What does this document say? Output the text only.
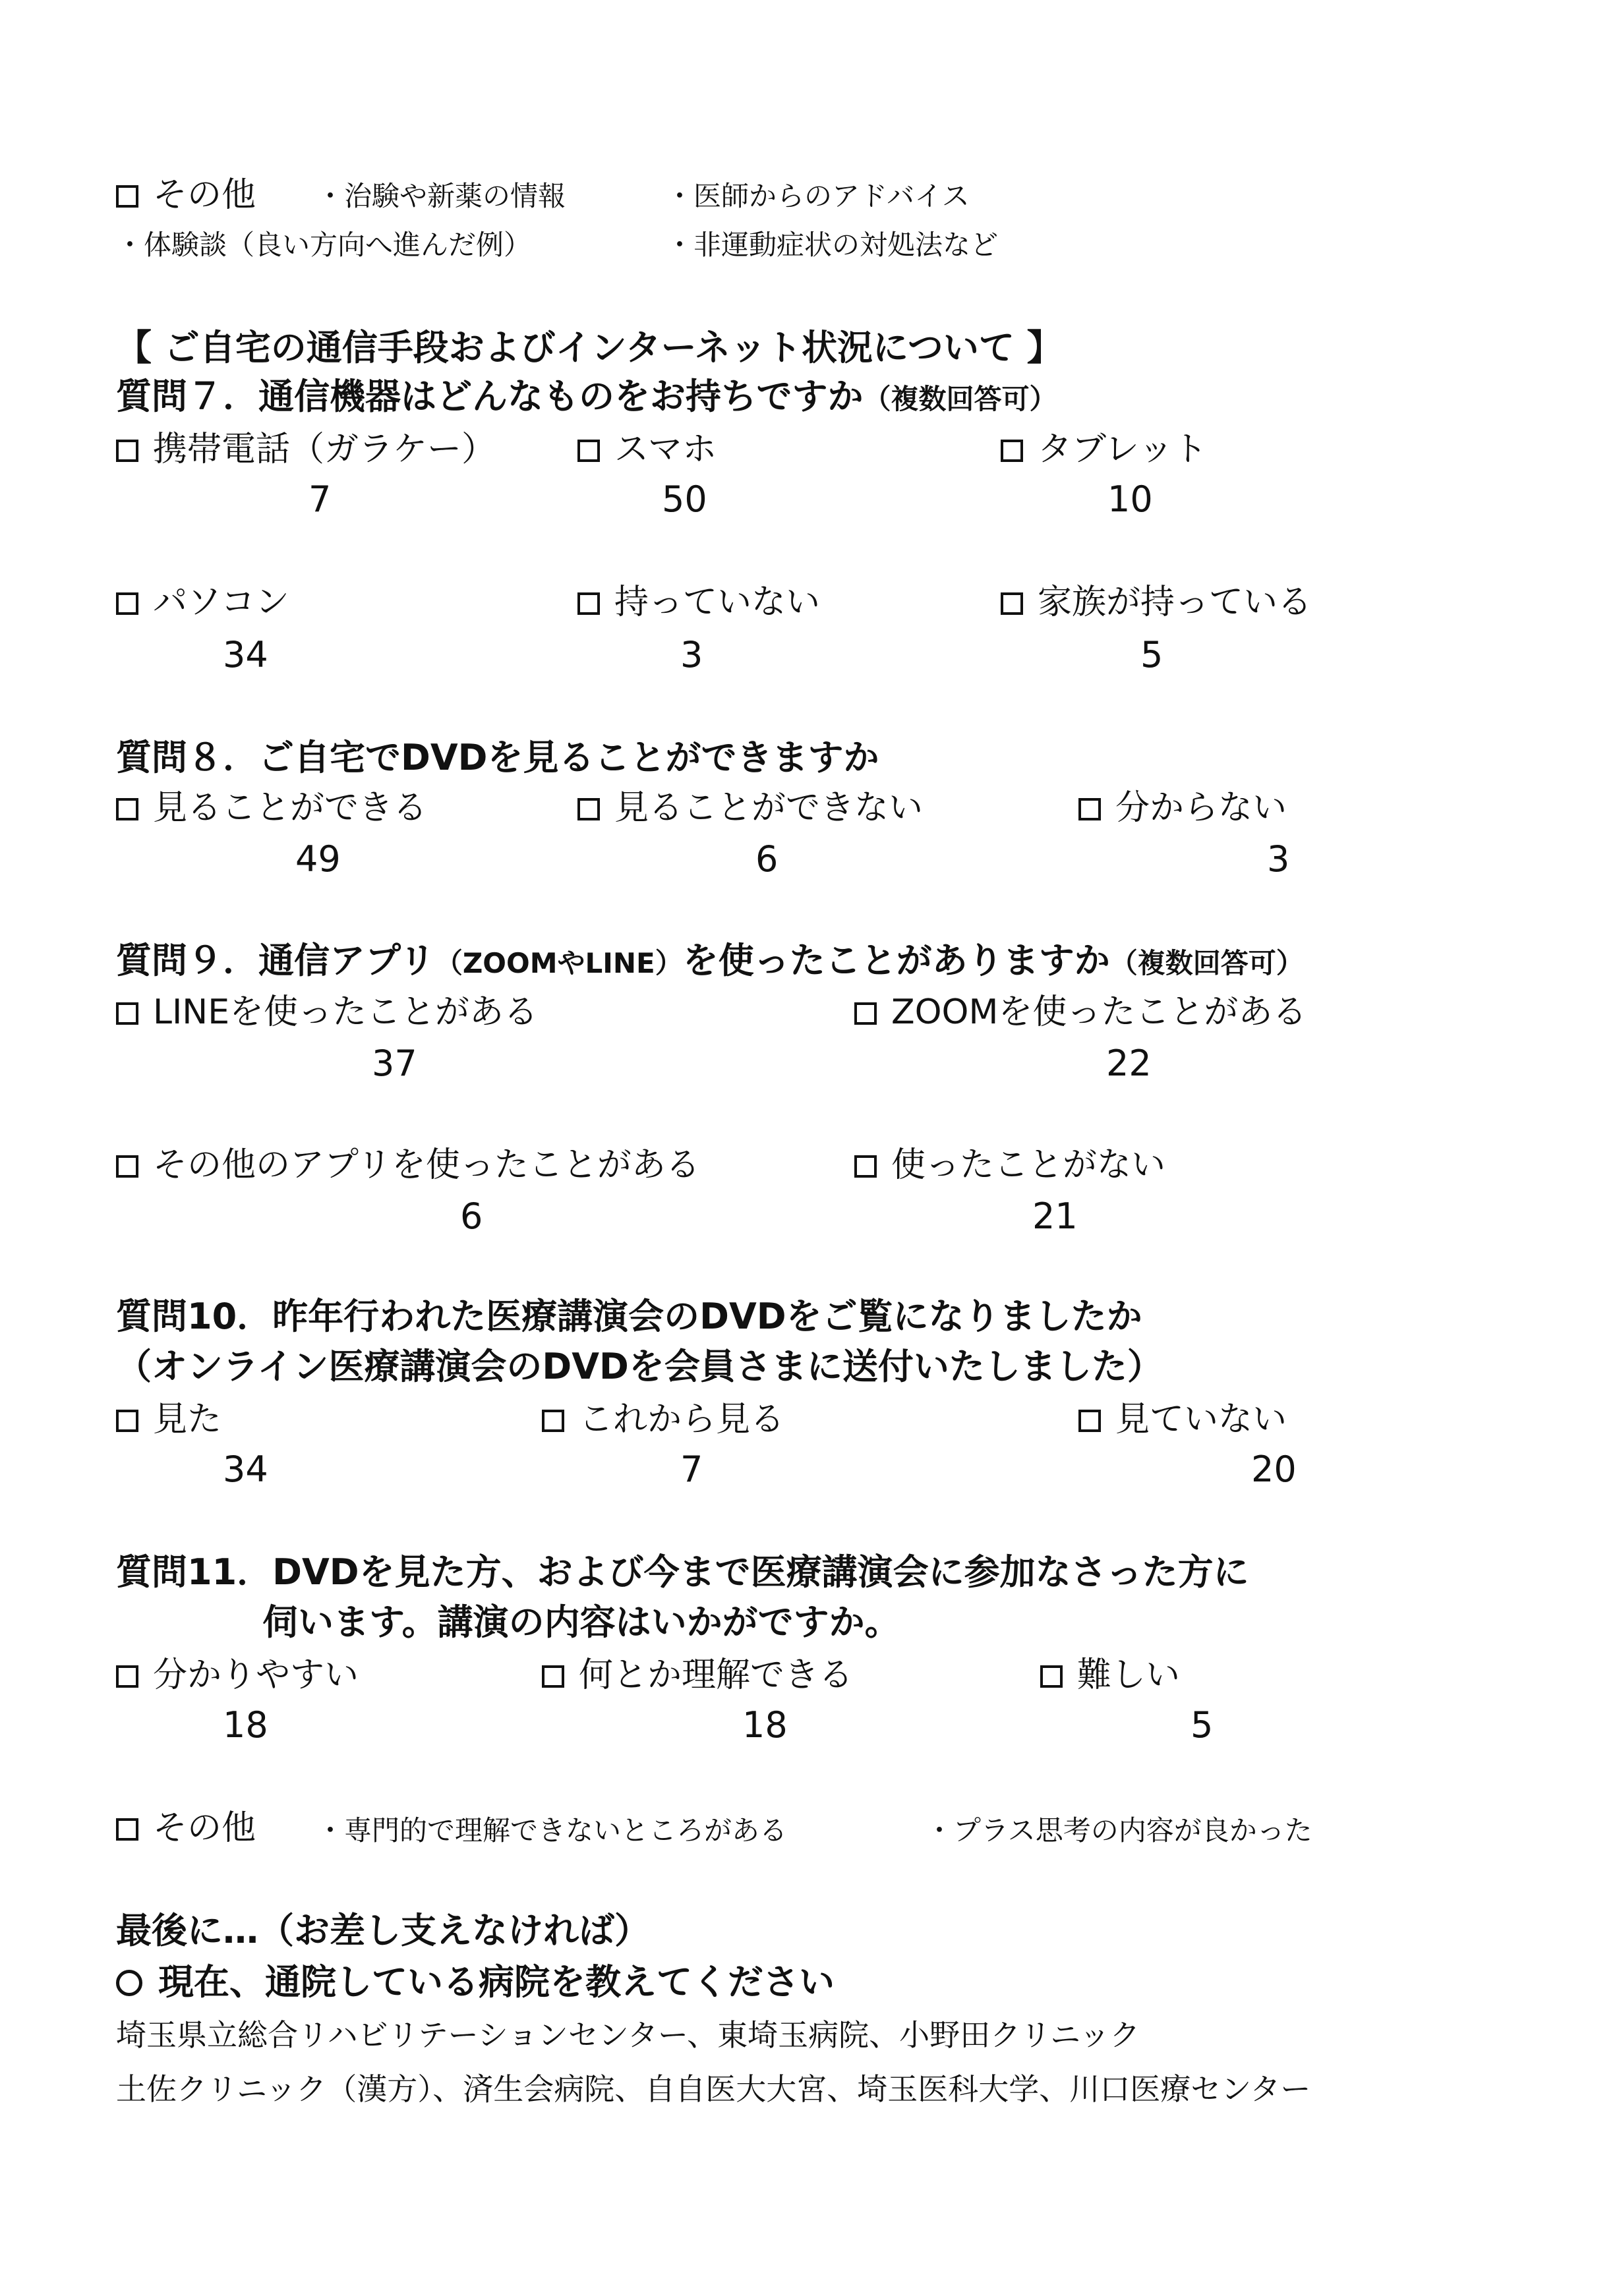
その他 ・治験や新薬の情報	・医師からのアドバイス
・体験談（良い方向へ進んだ例）	・非運動症状の対処法など
【 ご自宅の通信手段およびインターネット状況について 】
質問７．通信機器はどんなものをお持ちですか（複数回答可）
携帯電話（ガラケー）	スマホ	タブレット
7	50	10
パソコン	持っていない	家族が持っている
34	3	5
質問８．ご自宅でDVDを見ることができますか
見ることができる	見ることができない	分からない
49	6	3
質問９．通信アプリ（ZOOMやLINE）を使ったことがありますか（複数回答可）
LINEを使ったことがある	ZOOMを使ったことがある
37	22
その他のアプリを使ったことがある	使ったことがない
6	21
質問10．昨年行われた医療講演会のDVDをご覧になりましたか
（オンライン医療講演会のDVDを会員さまに送付いたしました）
見た	これから見る	見ていない
34	7	20
質問11．DVDを見た方、および今まで医療講演会に参加なさった方に
伺います。講演の内容はいかがですか。
分かりやすい	何とか理解できる	難しい
18	18	5
その他 ・専門的で理解できないところがある	・プラス思考の内容が良かった
最後に…（お差し支えなければ）
現在、通院している病院を教えてください
埼玉県立総合リハビリテーションセンター、東埼玉病院、小野田クリニック
土佐クリニック（漢方）、済生会病院、自自医大大宮、埼玉医科大学、川口医療センター
